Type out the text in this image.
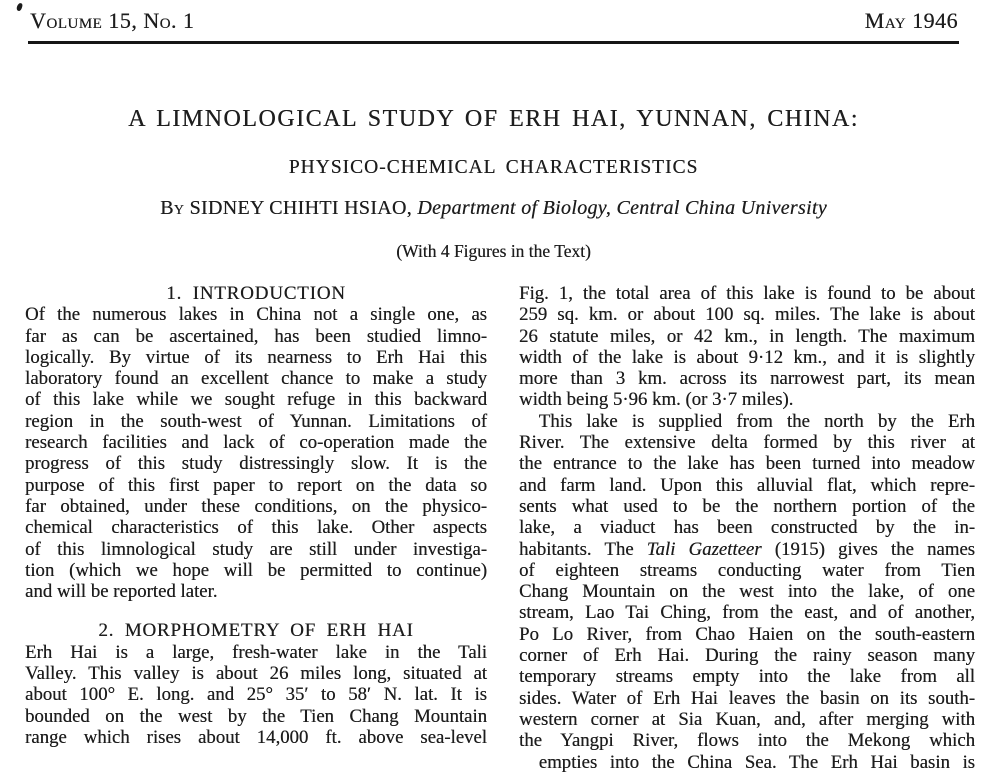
Volume 15, No. 1	May 1946
A LIMNOLOGICAL STUDY OF ERH HAI, YUNNAN, CHINA:
PHYSICO-CHEMICAL CHARACTERISTICS
By SIDNEY CHIHTI HSIAO, Department of Biology, Central China University
(With 4 Figures in the Text)
1. INTRODUCTION
Of the numerous lakes in China not a single one, as
far as can be ascertained, has been studied limno-
logically. By virtue of its nearness to Erh Hai this
laboratory found an excellent chance to make a study
of this lake while we sought refuge in this backward
region in the south-west of Yunnan. Limitations of
research facilities and lack of co-operation made the
progress of this study distressingly slow. It is the
purpose of this first paper to report on the data so
far obtained, under these conditions, on the physico-
chemical characteristics of this lake. Other aspects
of this limnological study are still under investiga-
tion (which we hope will be permitted to continue)
and will be reported later.
2. MORPHOMETRY OF ERH HAI
Erh Hai is a large, fresh-water lake in the Tali
Valley. This valley is about 26 miles long, situated at
about 100° E. long. and 25° 35′ to 58′ N. lat. It is
bounded on the west by the Tien Chang Mountain
range which rises about 14,000 ft. above sea-level
Fig. 1, the total area of this lake is found to be about
259 sq. km. or about 100 sq. miles. The lake is about
26 statute miles, or 42 km., in length. The maximum
width of the lake is about 9·12 km., and it is slightly
more than 3 km. across its narrowest part, its mean
width being 5·96 km. (or 3·7 miles).
This lake is supplied from the north by the Erh
River. The extensive delta formed by this river at
the entrance to the lake has been turned into meadow
and farm land. Upon this alluvial flat, which repre-
sents what used to be the northern portion of the
lake, a viaduct has been constructed by the in-
habitants. The Tali Gazetteer (1915) gives the names
of eighteen streams conducting water from Tien
Chang Mountain on the west into the lake, of one
stream, Lao Tai Ching, from the east, and of another,
Po Lo River, from Chao Haien on the south-eastern
corner of Erh Hai. During the rainy season many
temporary streams empty into the lake from all
sides. Water of Erh Hai leaves the basin on its south-
western corner at Sia Kuan, and, after merging with
the Yangpi River, flows into the Mekong which
empties into the China Sea. The Erh Hai basin is
